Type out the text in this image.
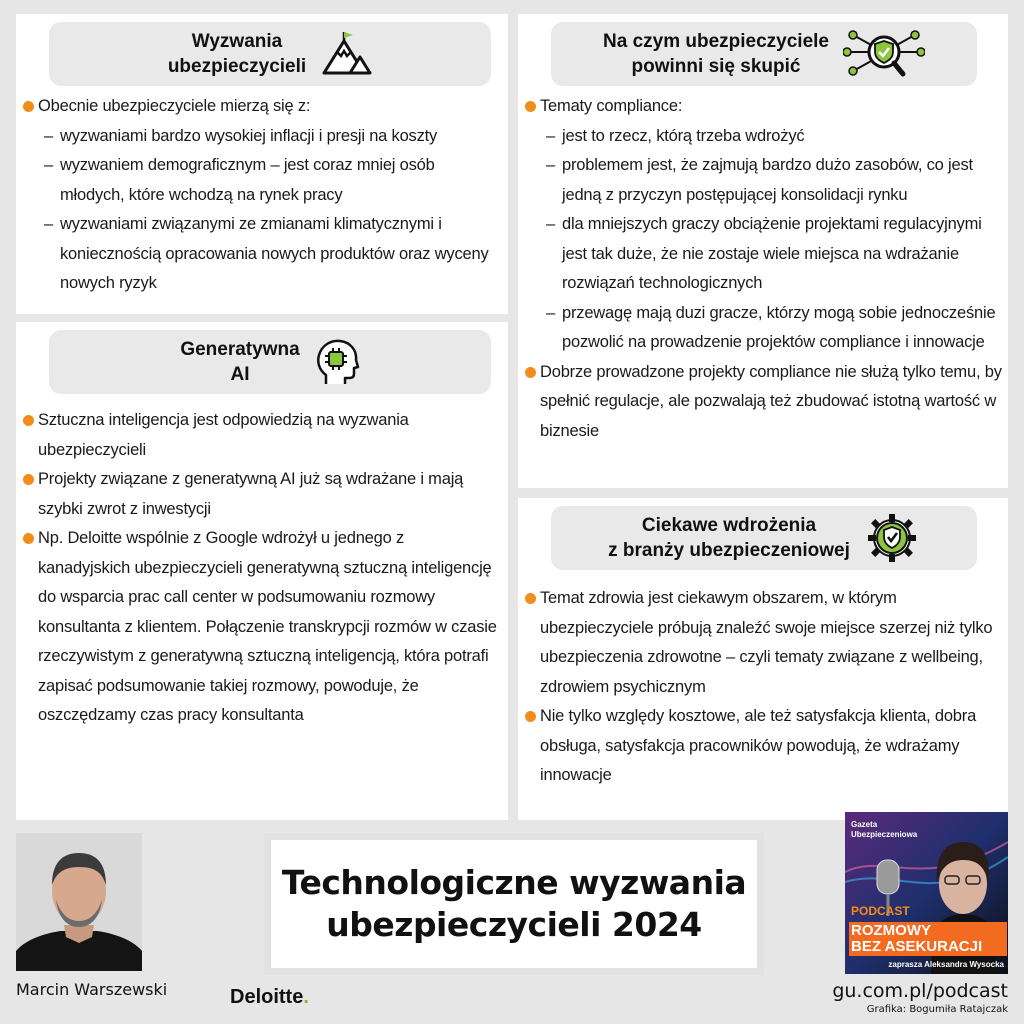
Wyzwania
ubezpieczycieli
Obecnie ubezpieczyciele mierzą się z:
– wyzwaniami bardzo wysokiej inflacji i presji na koszty
– wyzwaniem demograficznym – jest coraz mniej osób młodych, które wchodzą na rynek pracy
– wyzwaniami związanymi ze zmianami klimatycznymi i koniecznością opracowania nowych produktów oraz wyceny nowych ryzyk
Generatywna
AI
Sztuczna inteligencja jest odpowiedzią na wyzwania ubezpieczycieli
Projekty związane z generatywną AI już są wdrażane i mają szybki zwrot z inwestycji
Np. Deloitte wspólnie z Google wdrożył u jednego z kanadyjskich ubezpieczycieli generatywną sztuczną inteligencję do wsparcia prac call center w podsumowaniu rozmowy konsultanta z klientem. Połączenie transkrypcji rozmów w czasie rzeczywistym z generatywną sztuczną inteligencją, która potrafi zapisać podsumowanie takiej rozmowy, powoduje, że oszczędzamy czas pracy konsultanta
Na czym ubezpieczyciele
powinni się skupić
Tematy compliance:
– jest to rzecz, którą trzeba wdrożyć
– problemem jest, że zajmują bardzo dużo zasobów, co jest jedną z przyczyn postępującej konsolidacji rynku
– dla mniejszych graczy obciążenie projektami regulacyjnymi jest tak duże, że nie zostaje wiele miejsca na wdrażanie rozwiązań technologicznych
– przewagę mają duzi gracze, którzy mogą sobie jednocześnie pozwolić na prowadzenie projektów compliance i innowacje
Dobrze prowadzone projekty compliance nie służą tylko temu, by spełnić regulacje, ale pozwalają też zbudować istotną wartość w biznesie
Ciekawe wdrożenia
z branży ubezpieczeniowej
Temat zdrowia jest ciekawym obszarem, w którym ubezpieczyciele próbują znaleźć swoje miejsce szerzej niż tylko ubezpieczenia zdrowotne – czyli tematy związane z wellbeing, zdrowiem psychicznym
Nie tylko względy kosztowe, ale też satysfakcja klienta, dobra obsługa, satysfakcja pracowników powodują, że wdrażamy innowacje
Marcin Warszewski	Deloitte.
Technologiczne wyzwania
ubezpieczycieli 2024
Gazeta
Ubezpieczeniowa
PODCAST
ROZMOWY
BEZ ASEKURACJI
zaprasza Aleksandra Wysocka
gu.com.pl/podcast
Grafika: Bogumiła Ratajczak
